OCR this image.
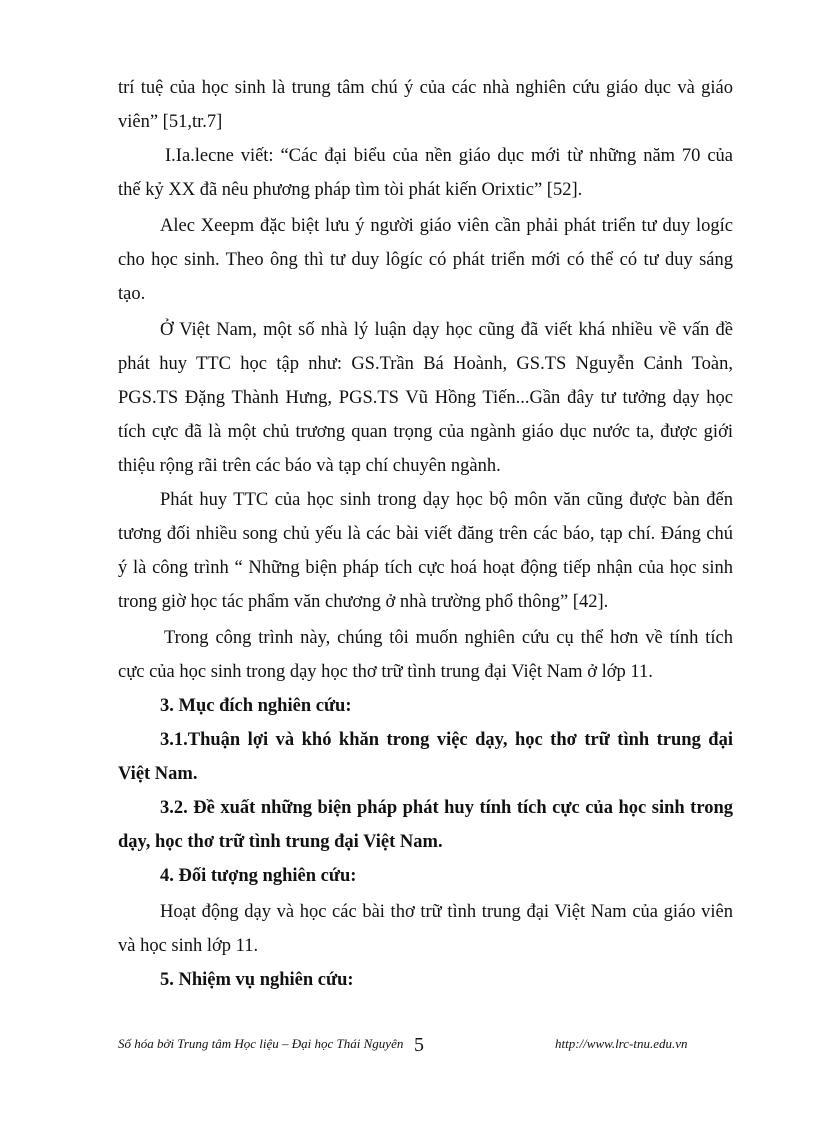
trí tuệ của học sinh là trung tâm chú ý của các nhà nghiên cứu giáo dục và giáo
viên” [51,tr.7]
I.Ia.lecne viết: “Các đại biểu của nền giáo dục mới từ những năm 70 của
thế kỷ XX đã nêu phương pháp tìm tòi phát kiến Orixtic” [52].
Alec Xeepm đặc biệt lưu ý người giáo viên cần phải phát triển tư duy logíc
cho học sinh. Theo ông thì tư duy lôgíc có phát triển mới có thể có tư duy sáng
tạo.
Ở Việt Nam, một số nhà lý luận dạy học cũng đã viết khá nhiều về vấn đề
phát huy TTC học tập như: GS.Trần Bá Hoành, GS.TS Nguyễn Cảnh Toàn,
PGS.TS Đặng Thành Hưng, PGS.TS Vũ Hồng Tiến...Gần đây tư tưởng dạy học
tích cực đã là một chủ trương quan trọng của ngành giáo dục nước ta, được giới
thiệu rộng rãi trên các báo và tạp chí chuyên ngành.
Phát huy TTC của học sinh trong dạy học bộ môn văn cũng được bàn đến
tương đối nhiều song chủ yếu là các bài viết đăng trên các báo, tạp chí. Đáng chú
ý là công trình “ Những biện pháp tích cực hoá hoạt động tiếp nhận của học sinh
trong giờ học tác phẩm văn chương ở nhà trường phổ thông” [42].
Trong công trình này, chúng tôi muốn nghiên cứu cụ thể hơn về tính tích
cực của học sinh trong dạy học thơ trữ tình trung đại Việt Nam ở lớp 11.
3. Mục đích nghiên cứu:
3.1.Thuận lợi và khó khăn trong việc dạy, học thơ trữ tình trung đại
Việt Nam.
3.2. Đề xuất những biện pháp phát huy tính tích cực của học sinh trong
dạy, học thơ trữ tình trung đại Việt Nam.
4. Đối tượng nghiên cứu:
Hoạt động dạy và học các bài thơ trữ tình trung đại Việt Nam của giáo viên
và học sinh lớp 11.
5. Nhiệm vụ nghiên cứu:
Số hóa bởi Trung tâm Học liệu – Đại học Thái Nguyên 5	http://www.lrc-tnu.edu.vn
